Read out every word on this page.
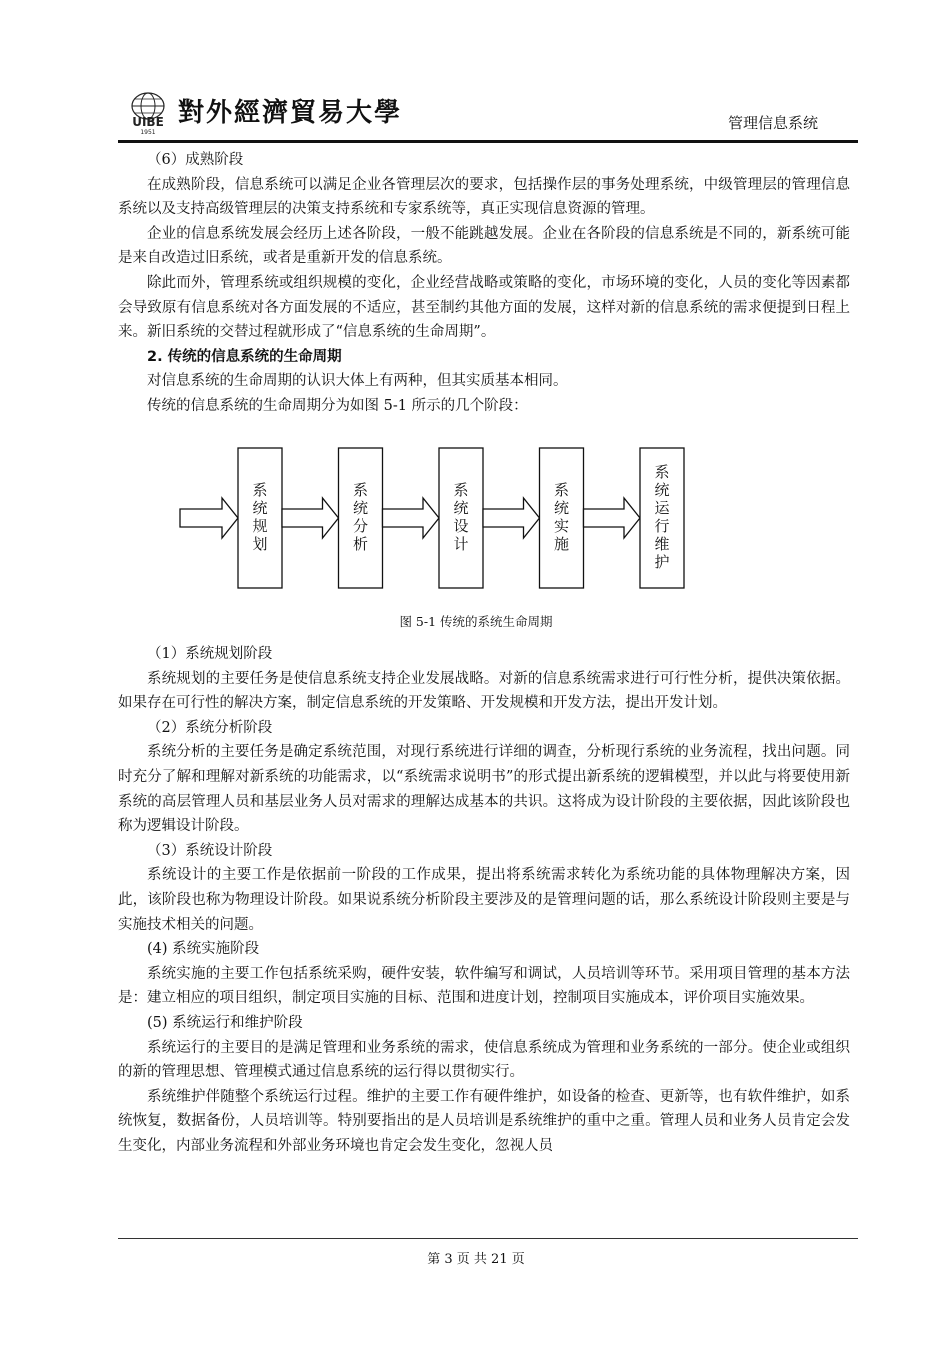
UIBE
1951
對外經濟貿易大學	管理信息系统

（6）成熟阶段

在成熟阶段，信息系统可以满足企业各管理层次的要求，包括操作层的事务处理系统，中级管理层的管理信息系统以及支持高级管理层的决策支持系统和专家系统等，真正实现信息资源的管理。

企业的信息系统发展会经历上述各阶段，一般不能跳越发展。企业在各阶段的信息系统是不同的，新系统可能是来自改造过旧系统，或者是重新开发的信息系统。

除此而外，管理系统或组织规模的变化，企业经营战略或策略的变化，市场环境的变化，人员的变化等因素都会导致原有信息系统对各方面发展的不适应，甚至制约其他方面的发展，这样对新的信息系统的需求便提到日程上来。新旧系统的交替过程就形成了“信息系统的生命周期”。

2. 传统的信息系统的生命周期

对信息系统的生命周期的认识大体上有两种，但其实质基本相同。

传统的信息系统的生命周期分为如图 5-1 所示的几个阶段：

系统规划
系统分析
系统设计
系统实施
系统运行维护
图 5-1 传统的系统生命周期

（1）系统规划阶段

系统规划的主要任务是使信息系统支持企业发展战略。对新的信息系统需求进行可行性分析，提供决策依据。如果存在可行性的解决方案，制定信息系统的开发策略、开发规模和开发方法，提出开发计划。

（2）系统分析阶段

系统分析的主要任务是确定系统范围，对现行系统进行详细的调查，分析现行系统的业务流程，找出问题。同时充分了解和理解对新系统的功能需求，以“系统需求说明书”的形式提出新系统的逻辑模型，并以此与将要使用新系统的高层管理人员和基层业务人员对需求的理解达成基本的共识。这将成为设计阶段的主要依据，因此该阶段也称为逻辑设计阶段。

（3）系统设计阶段

系统设计的主要工作是依据前一阶段的工作成果，提出将系统需求转化为系统功能的具体物理解决方案，因此，该阶段也称为物理设计阶段。如果说系统分析阶段主要涉及的是管理问题的话，那么系统设计阶段则主要是与实施技术相关的问题。

(4) 系统实施阶段

系统实施的主要工作包括系统采购，硬件安装，软件编写和调试，人员培训等环节。采用项目管理的基本方法是：建立相应的项目组织，制定项目实施的目标、范围和进度计划，控制项目实施成本，评价项目实施效果。

(5) 系统运行和维护阶段

系统运行的主要目的是满足管理和业务系统的需求，使信息系统成为管理和业务系统的一部分。使企业或组织的新的管理思想、管理模式通过信息系统的运行得以贯彻实行。

系统维护伴随整个系统运行过程。维护的主要工作有硬件维护，如设备的检查、更新等，也有软件维护，如系统恢复，数据备份，人员培训等。特别要指出的是人员培训是系统维护的重中之重。管理人员和业务人员肯定会发生变化，内部业务流程和外部业务环境也肯定会发生变化，忽视人员

第 3 页 共 21 页
